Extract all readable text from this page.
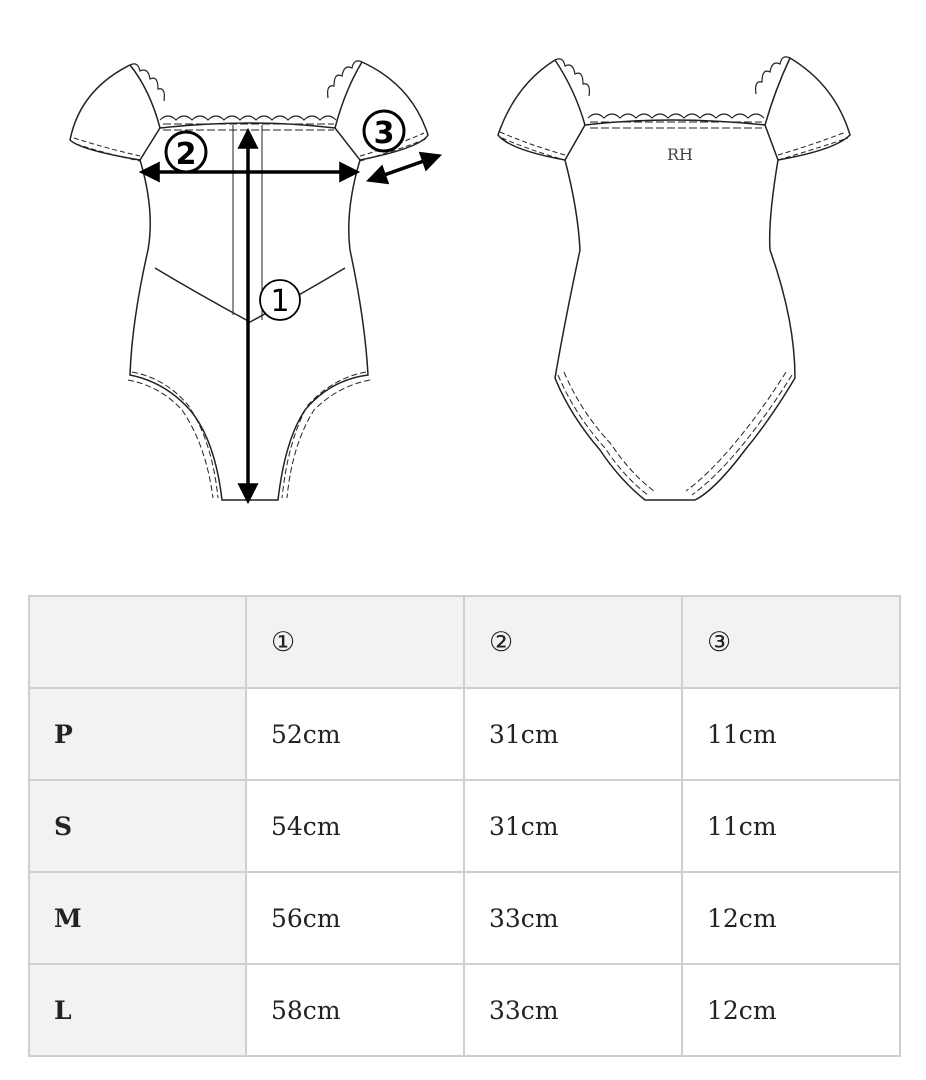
1
2
3
RH
	①	②	③
P	52cm	31cm	11cm
S	54cm	31cm	11cm
M	56cm	33cm	12cm
L	58cm	33cm	12cm
